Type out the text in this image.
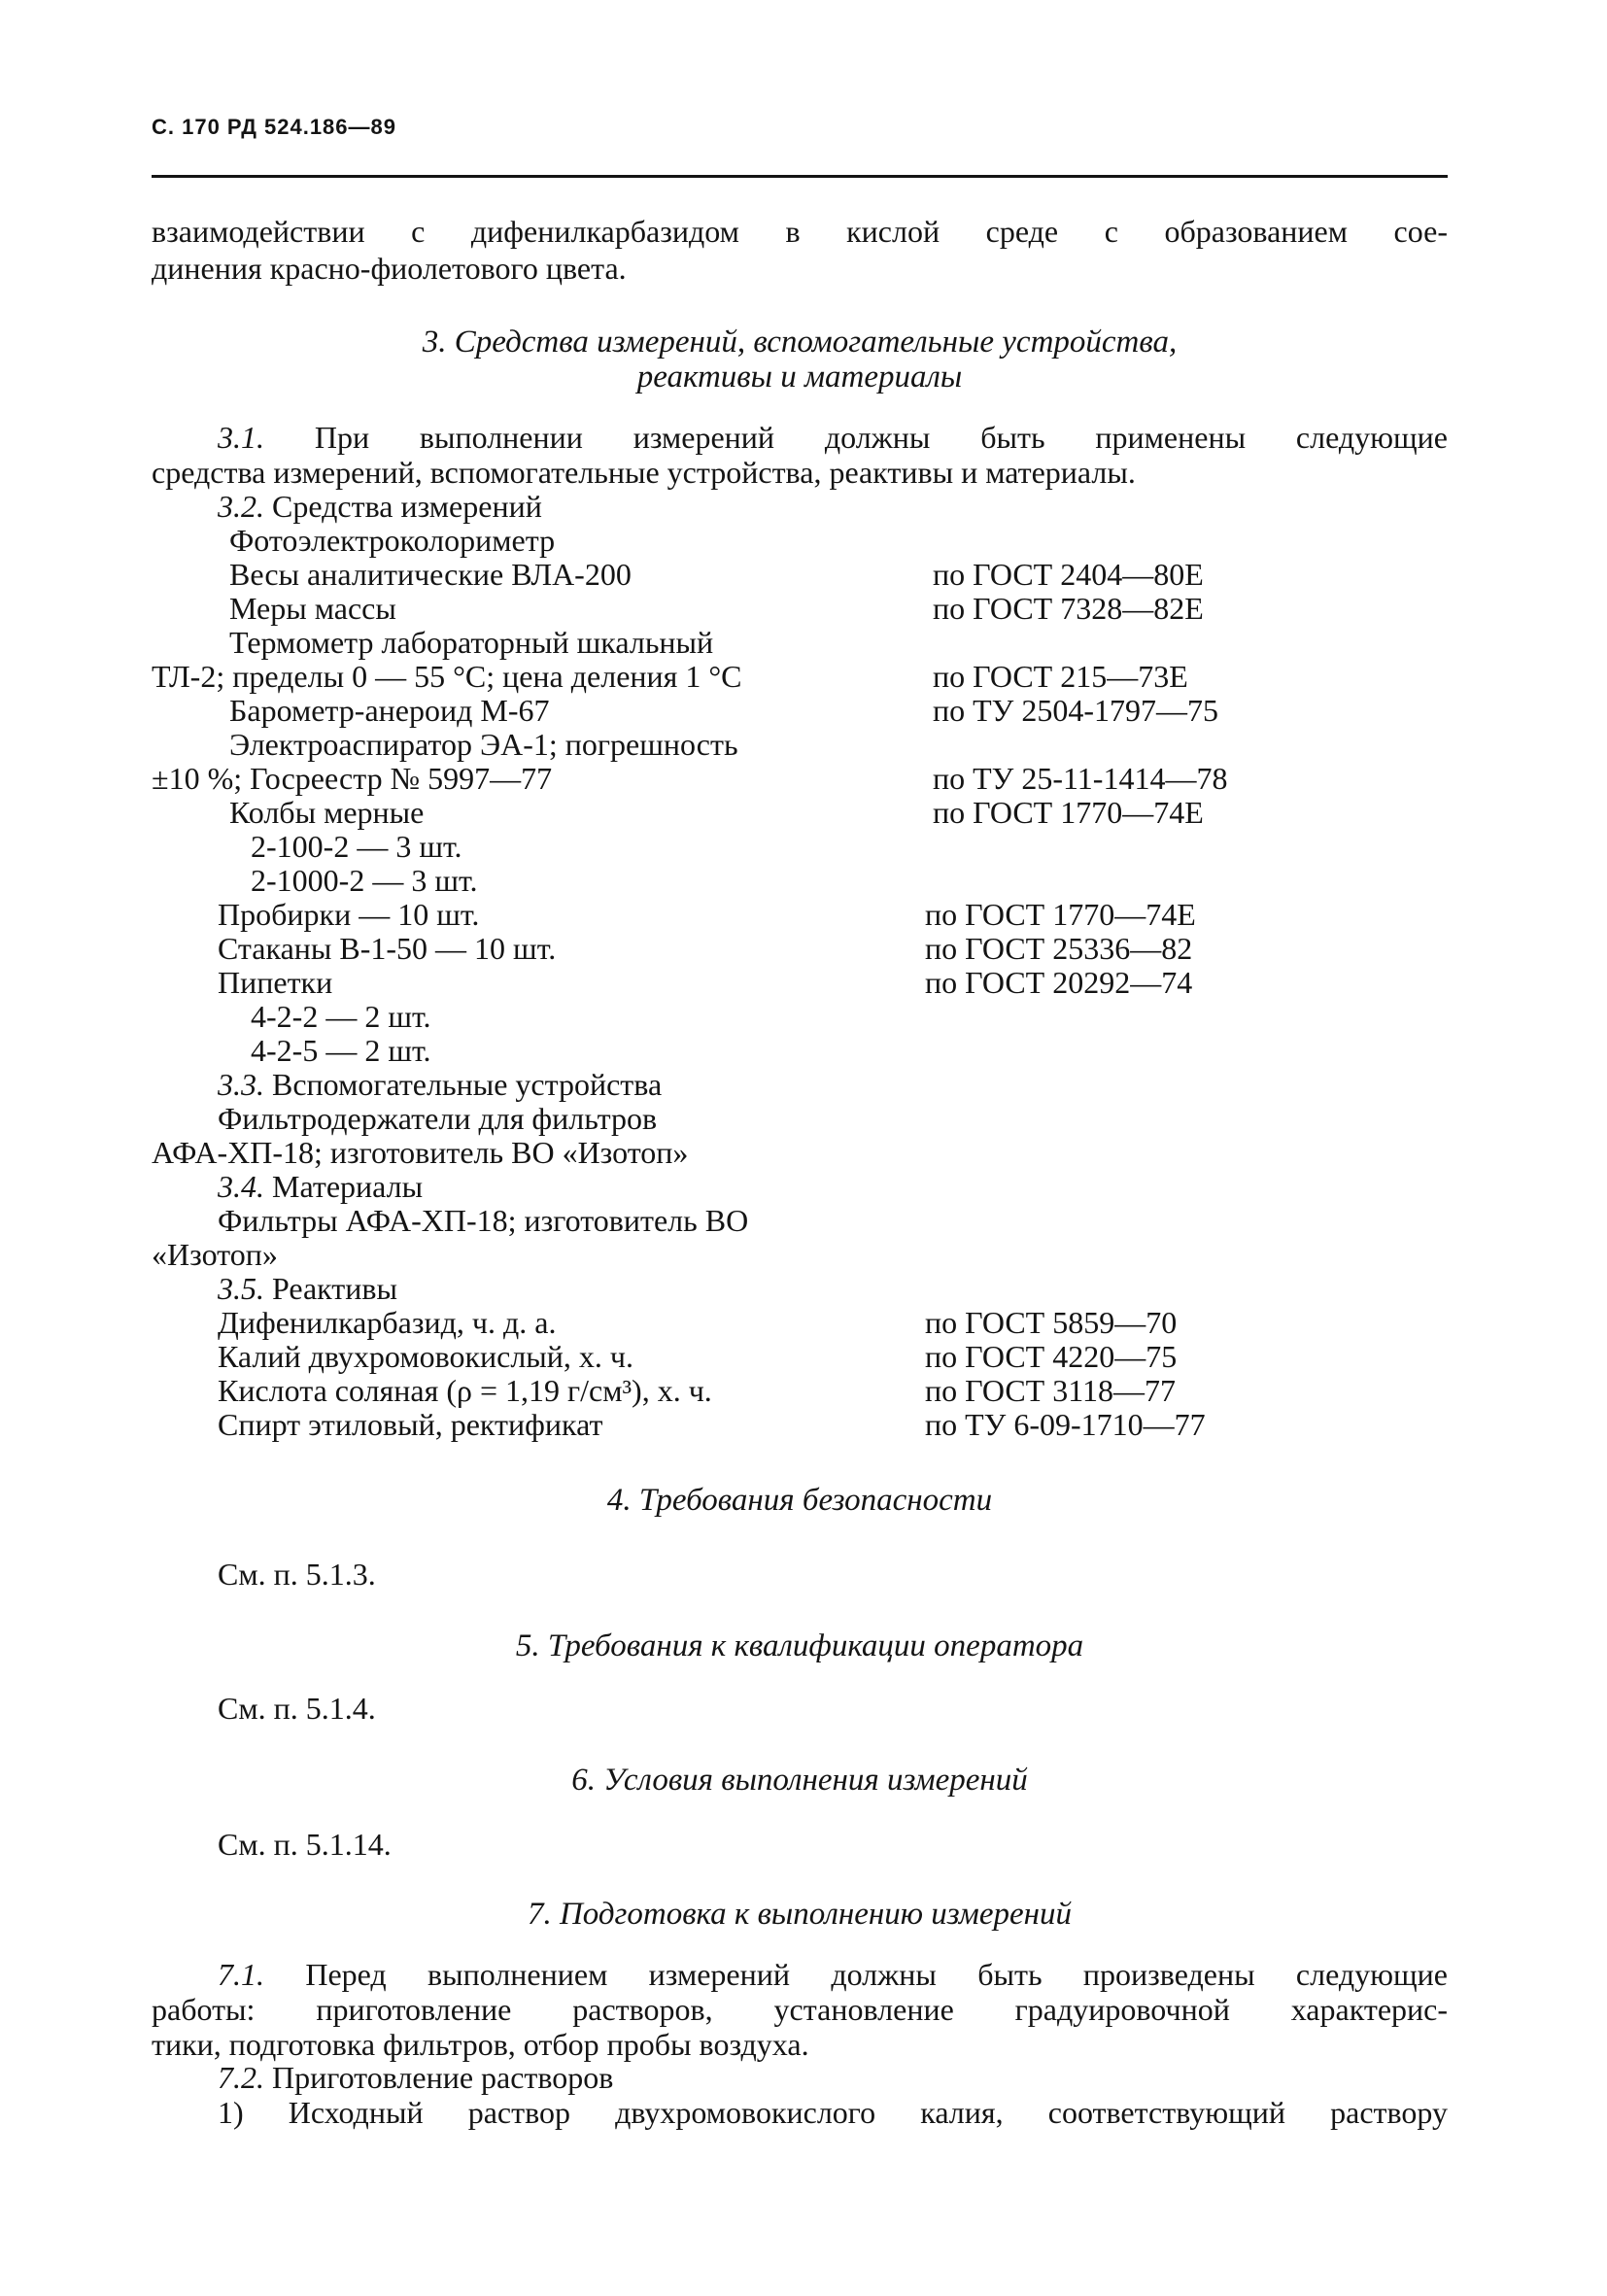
С. 170 РД 524.186—89
взаимодействии с дифенилкарбазидом в кислой среде с образованием сое-
динения красно-фиолетового цвета.
3. Средства измерений, вспомогательные устройства,
реактивы и материалы
3.1. При выполнении измерений должны быть применены следующие
средства измерений, вспомогательные устройства, реактивы и материалы.
3.2. Средства измерений
Фотоэлектроколориметр
Весы аналитические ВЛА-200	по ГОСТ 2404—80Е
Меры массы	по ГОСТ 7328—82Е
Термометр лабораторный шкальный
ТЛ-2; пределы 0 — 55 °С; цена деления 1 °С	по ГОСТ 215—73Е
Барометр-анероид М-67	по ТУ 2504-1797—75
Электроаспиратор ЭА-1; погрешность
±10 %; Госреестр № 5997—77	по ТУ 25-11-1414—78
Колбы мерные	по ГОСТ 1770—74Е
2-100-2 — 3 шт.
2-1000-2 — 3 шт.
Пробирки — 10 шт.	по ГОСТ 1770—74Е
Стаканы В-1-50 — 10 шт.	по ГОСТ 25336—82
Пипетки	по ГОСТ 20292—74
4-2-2 — 2 шт.
4-2-5 — 2 шт.
3.3. Вспомогательные устройства
Фильтродержатели для фильтров
АФА-ХП-18; изготовитель ВО «Изотоп»
3.4. Материалы
Фильтры АФА-ХП-18; изготовитель ВО
«Изотоп»
3.5. Реактивы
Дифенилкарбазид, ч. д. а.	по ГОСТ 5859—70
Калий двухромовокислый, х. ч.	по ГОСТ 4220—75
Кислота соляная (ρ = 1,19 г/см³), х. ч.	по ГОСТ 3118—77
Спирт этиловый, ректификат	по ТУ 6-09-1710—77
4. Требования безопасности
См. п. 5.1.3.
5. Требования к квалификации оператора
См. п. 5.1.4.
6. Условия выполнения измерений
См. п. 5.1.14.
7. Подготовка к выполнению измерений
7.1. Перед выполнением измерений должны быть произведены следующие
работы: приготовление растворов, установление градуировочной характерис-
тики, подготовка фильтров, отбор пробы воздуха.
7.2. Приготовление растворов
1) Исходный раствор двухромовокислого калия, соответствующий раствору
